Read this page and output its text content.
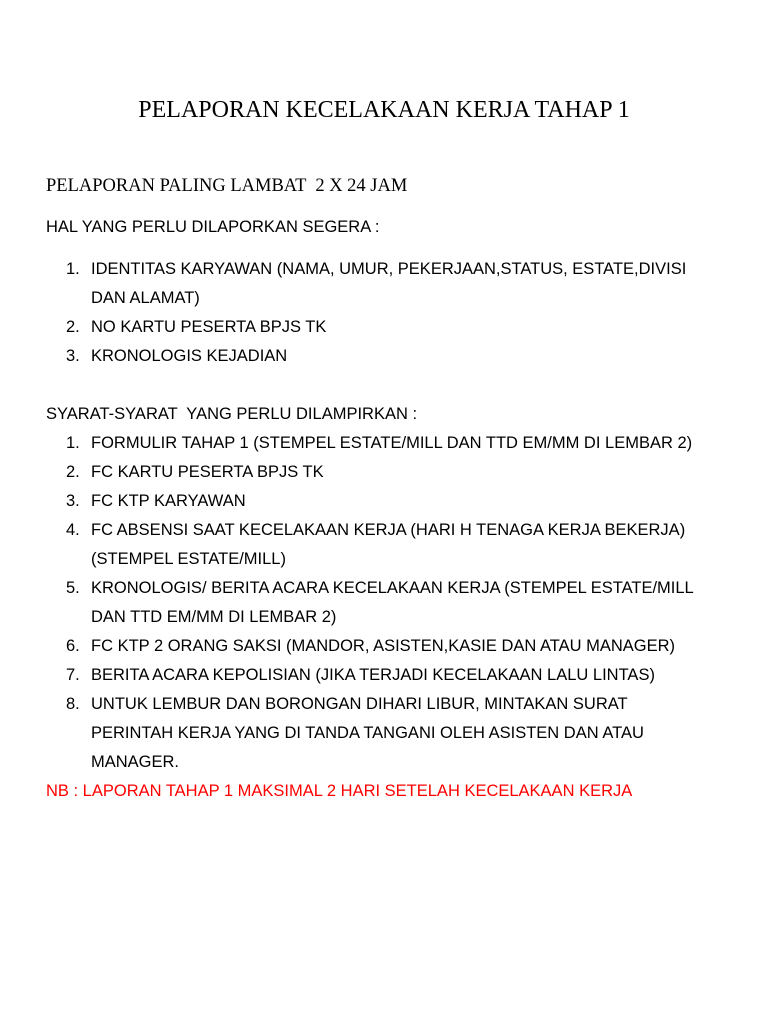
PELAPORAN KECELAKAAN KERJA TAHAP 1
PELAPORAN PALING LAMBAT  2 X 24 JAM
HAL YANG PERLU DILAPORKAN SEGERA :
1. IDENTITAS KARYAWAN (NAMA, UMUR, PEKERJAAN,STATUS, ESTATE,DIVISI
DAN ALAMAT)
2. NO KARTU PESERTA BPJS TK
3. KRONOLOGIS KEJADIAN
SYARAT-SYARAT  YANG PERLU DILAMPIRKAN :
1. FORMULIR TAHAP 1 (STEMPEL ESTATE/MILL DAN TTD EM/MM DI LEMBAR 2)
2. FC KARTU PESERTA BPJS TK
3. FC KTP KARYAWAN
4. FC ABSENSI SAAT KECELAKAAN KERJA (HARI H TENAGA KERJA BEKERJA)
(STEMPEL ESTATE/MILL)
5. KRONOLOGIS/ BERITA ACARA KECELAKAAN KERJA (STEMPEL ESTATE/MILL
DAN TTD EM/MM DI LEMBAR 2)
6. FC KTP 2 ORANG SAKSI (MANDOR, ASISTEN,KASIE DAN ATAU MANAGER)
7. BERITA ACARA KEPOLISIAN (JIKA TERJADI KECELAKAAN LALU LINTAS)
8. UNTUK LEMBUR DAN BORONGAN DIHARI LIBUR, MINTAKAN SURAT
PERINTAH KERJA YANG DI TANDA TANGANI OLEH ASISTEN DAN ATAU
MANAGER.
NB : LAPORAN TAHAP 1 MAKSIMAL 2 HARI SETELAH KECELAKAAN KERJA
